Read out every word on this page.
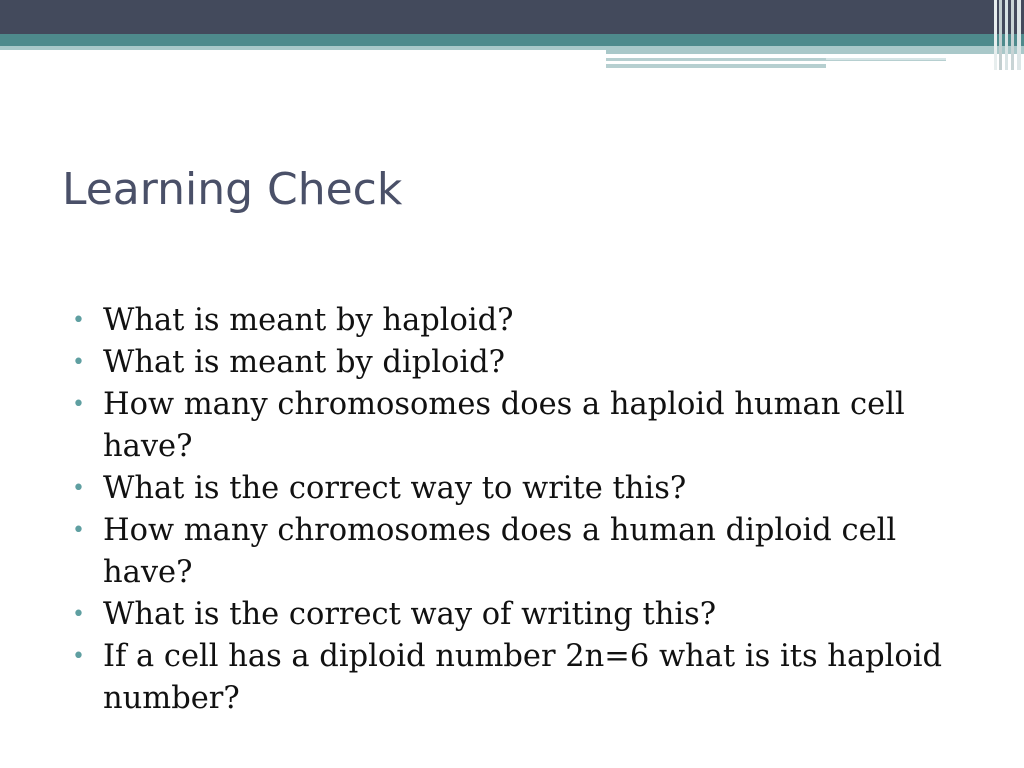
Learning Check
•
What is meant by haploid?
•
What is meant by diploid?
•
How many chromosomes does a haploid human cell have?
•
What is the correct way to write this?
•
How many chromosomes does a human diploid cell have?
•
What is the correct way of writing this?
•
If a cell has a diploid number 2n=6 what is its haploid number?
